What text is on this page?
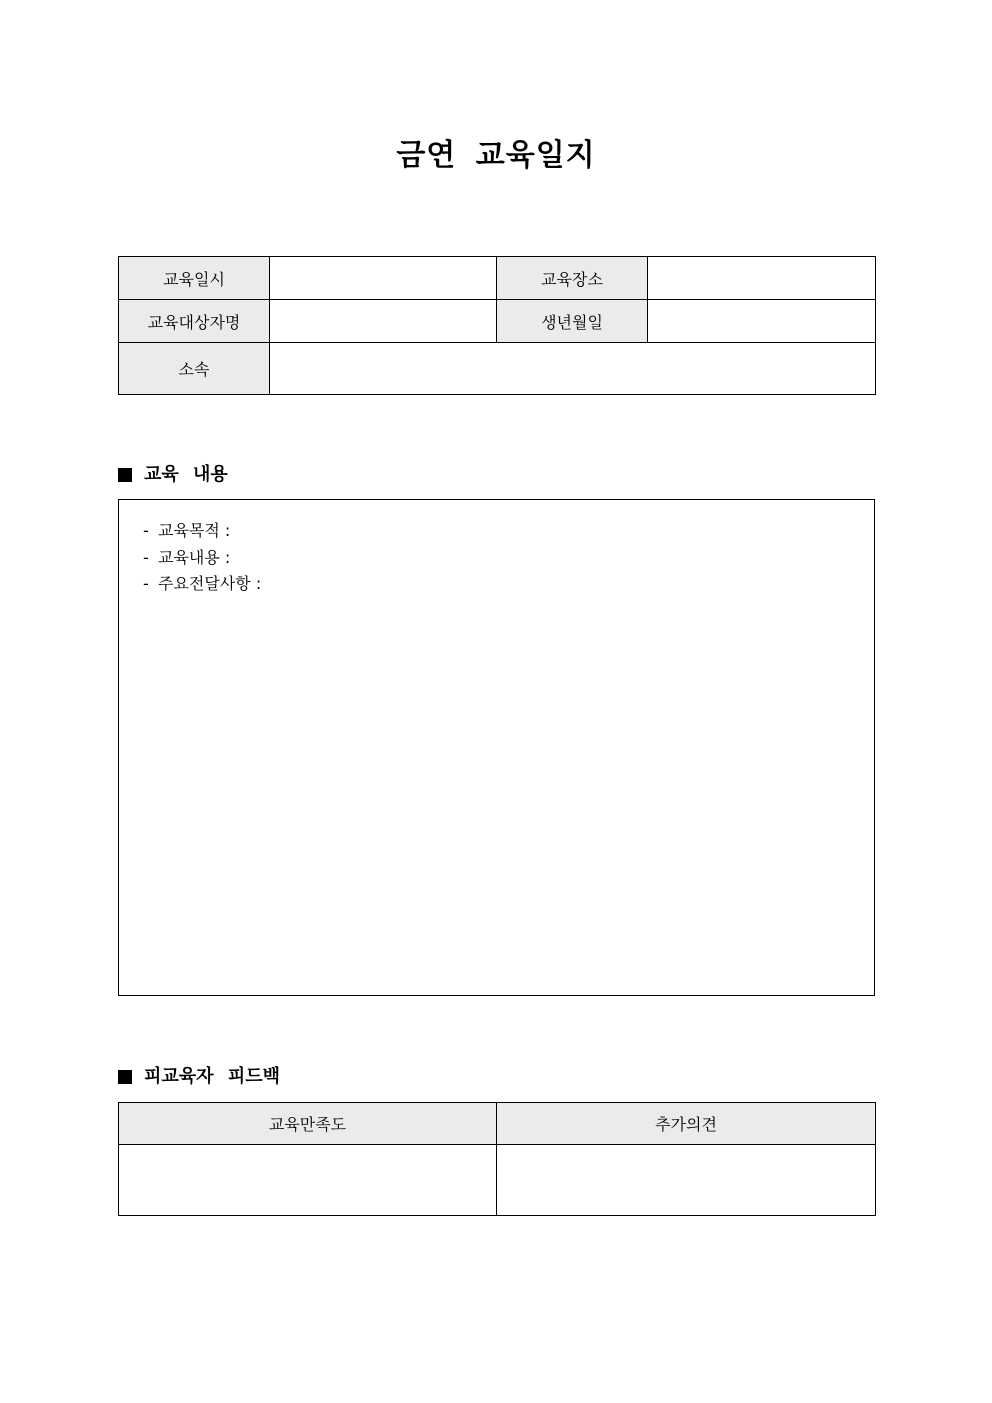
금연 교육일지
교육일시		교육장소	
교육대상자명		생년월일	
소속			
교육 내용
- 교육목적 :
- 교육내용 :
- 주요전달사항 :
피교육자 피드백
교육만족도	추가의견
